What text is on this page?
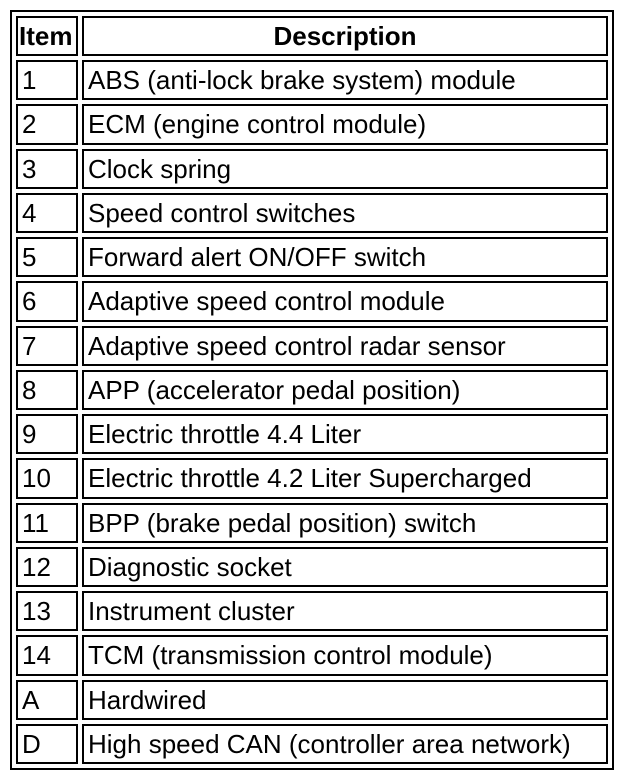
Item	Description
1	ABS (anti-lock brake system) module
2	ECM (engine control module)
3	Clock spring
4	Speed control switches
5	Forward alert ON/OFF switch
6	Adaptive speed control module
7	Adaptive speed control radar sensor
8	APP (accelerator pedal position)
9	Electric throttle 4.4 Liter
10	Electric throttle 4.2 Liter Supercharged
11	BPP (brake pedal position) switch
12	Diagnostic socket
13	Instrument cluster
14	TCM (transmission control module)
A	Hardwired
D	High speed CAN (controller area network)
